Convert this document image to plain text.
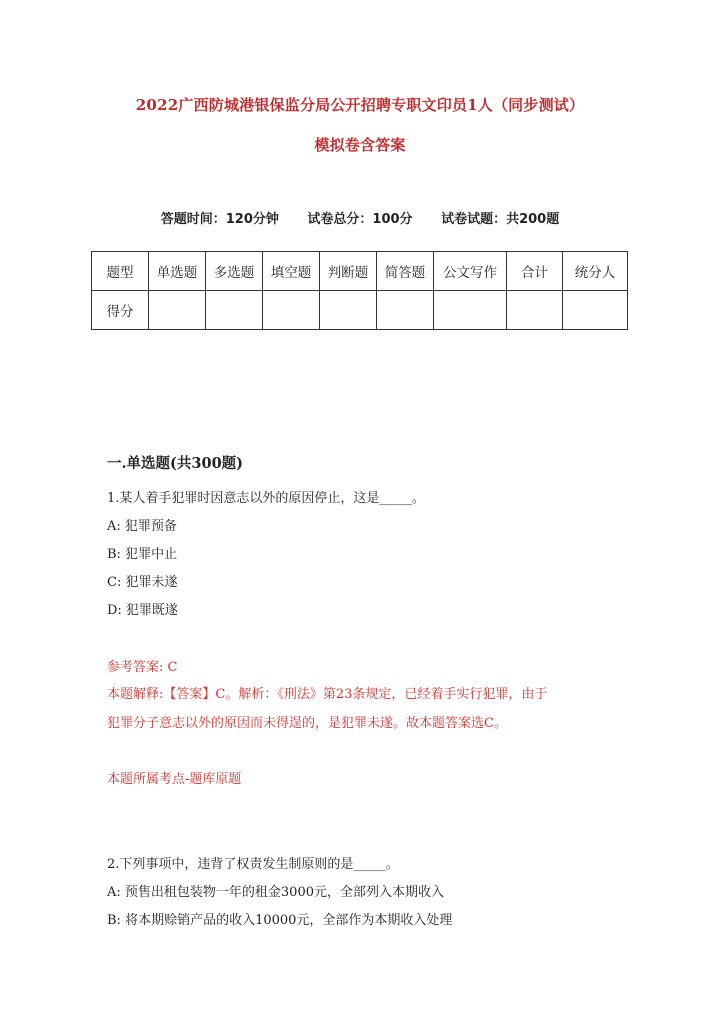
2022广西防城港银保监分局公开招聘专职文印员1人（同步测试）
模拟卷含答案
答题时间：120分钟 试卷总分：100分 试卷试题：共200题
题型	单选题	多选题	填空题	判断题	简答题	公文写作	合计	统分人
得分								
一.单选题(共300题)
1.某人着手犯罪时因意志以外的原因停止，这是_____。
A: 犯罪预备
B: 犯罪中止
C: 犯罪未遂
D: 犯罪既遂
参考答案: C
本题解释:【答案】C。解析：《刑法》第23条规定，已经着手实行犯罪，由于
犯罪分子意志以外的原因而未得逞的，是犯罪未遂。故本题答案选C。
本题所属考点-题库原题
2.下列事项中，违背了权责发生制原则的是_____。
A: 预售出租包装物一年的租金3000元，全部列入本期收入
B: 将本期赊销产品的收入10000元，全部作为本期收入处理
